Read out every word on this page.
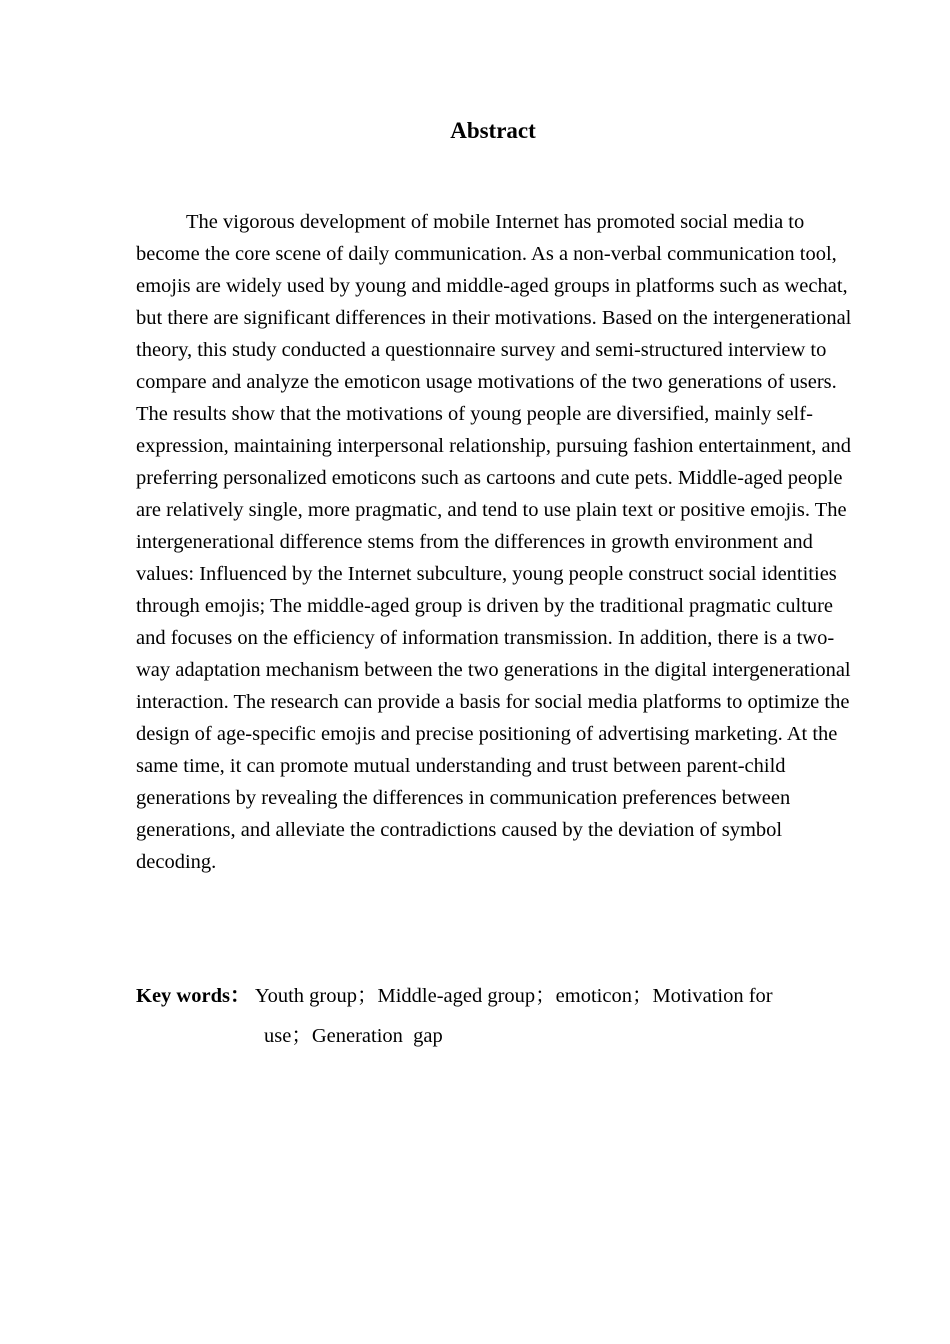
Abstract

The vigorous development of mobile Internet has promoted social media to become the core scene of daily communication. As a non-verbal communication tool, emojis are widely used by young and middle-aged groups in platforms such as wechat, but there are significant differences in their motivations. Based on the intergenerational theory, this study conducted a questionnaire survey and semi-structured interview to compare and analyze the emoticon usage motivations of the two generations of users. The results show that the motivations of young people are diversified, mainly self-expression, maintaining interpersonal relationship, pursuing fashion entertainment, and preferring personalized emoticons such as cartoons and cute pets. Middle-aged people are relatively single, more pragmatic, and tend to use plain text or positive emojis. The intergenerational difference stems from the differences in growth environment and values: Influenced by the Internet subculture, young people construct social identities through emojis; The middle-aged group is driven by the traditional pragmatic culture and focuses on the efficiency of information transmission. In addition, there is a two-way adaptation mechanism between the two generations in the digital intergenerational interaction. The research can provide a basis for social media platforms to optimize the design of age-specific emojis and precise positioning of advertising marketing. At the same time, it can promote mutual understanding and trust between parent-child generations by revealing the differences in communication preferences between generations, and alleviate the contradictions caused by the deviation of symbol decoding.

Key words： Youth group；Middle-aged group；emoticon；Motivation for
use；Generation  gap
